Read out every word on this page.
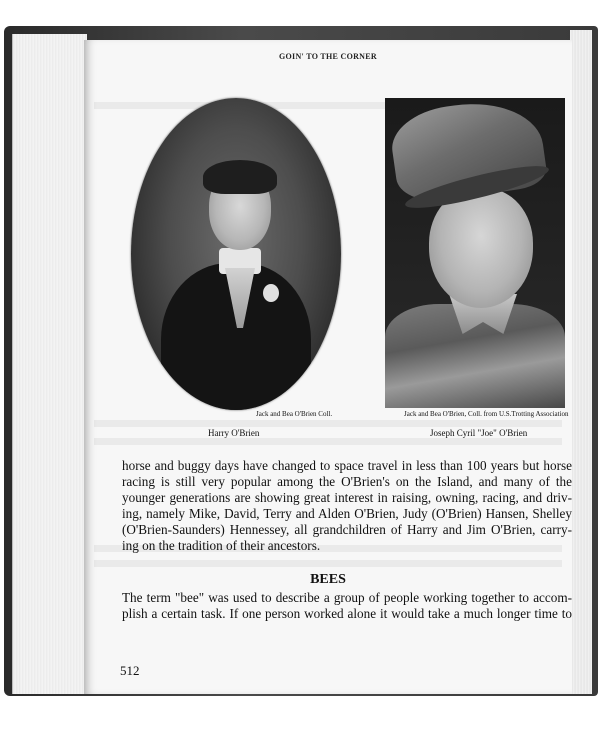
GOIN' TO THE CORNER
Jack and Bea O'Brien Coll.	Jack and Bea O'Brien, Coll. from U.S.Trotting Association
Harry O'Brien	Joseph Cyril "Joe" O'Brien

horse and buggy days have changed to space travel in less than 100 years but horse

racing is still very popular among the O'Brien's on the Island, and many of the

younger generations are showing great interest in raising, owning, racing, and driv-

ing, namely Mike, David, Terry and Alden O'Brien, Judy (O'Brien) Hansen, Shelley

(O'Brien-Saunders) Hennessey, all grandchildren of Harry and Jim O'Brien, carry-

ing on the tradition of their ancestors.

BEES

The term "bee" was used to describe a group of people working together to accom-

plish a certain task. If one person worked alone it would take a much longer time to

512
